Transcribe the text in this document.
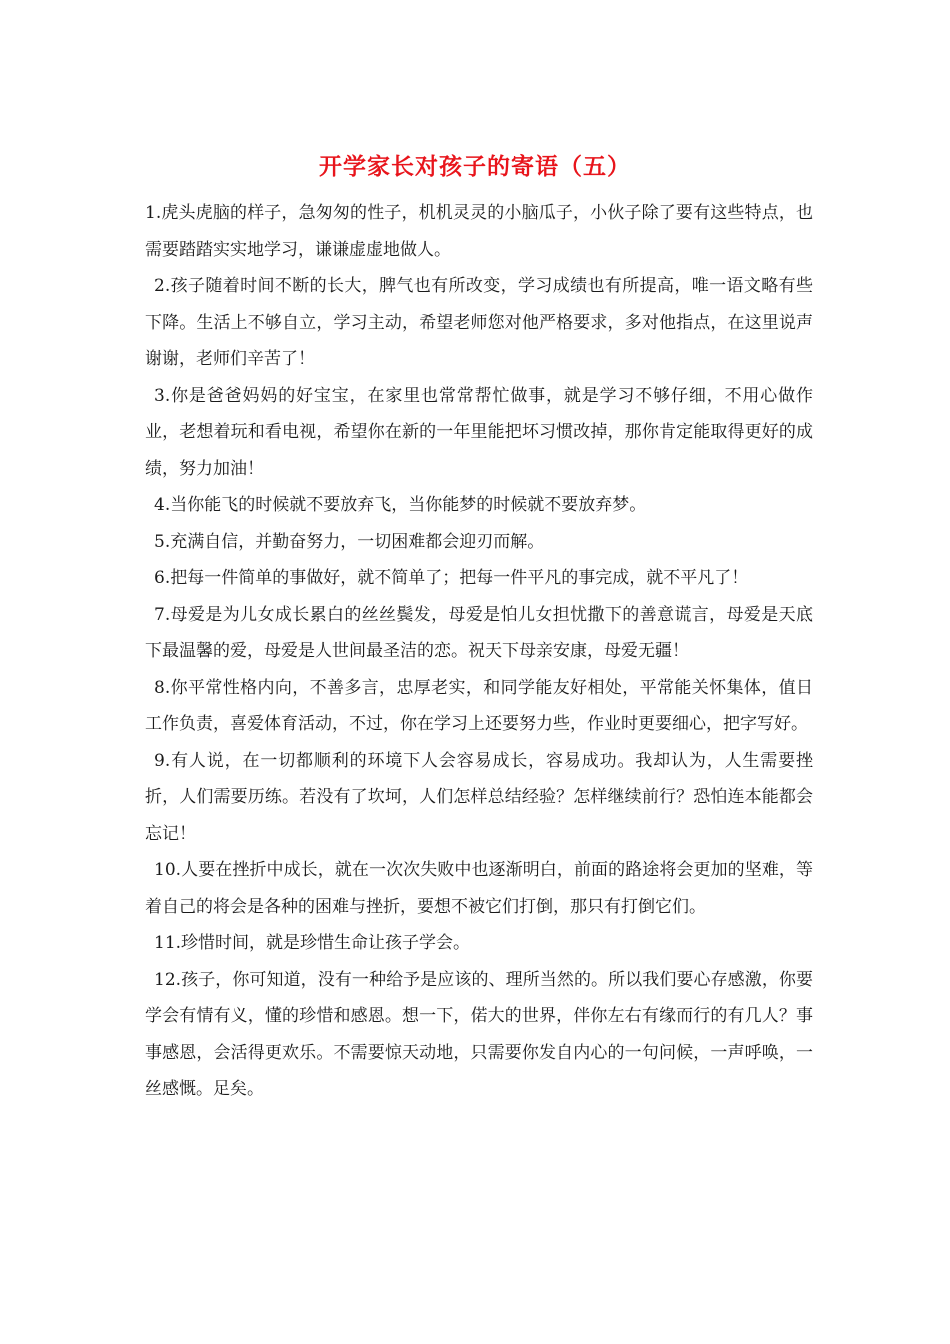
开学家长对孩子的寄语（五）

1.虎头虎脑的样子，急匆匆的性子，机机灵灵的小脑瓜子，小伙子除了要有这些特点，也需要踏踏实实地学习，谦谦虚虚地做人。

2.孩子随着时间不断的长大，脾气也有所改变，学习成绩也有所提高，唯一语文略有些下降。生活上不够自立，学习主动，希望老师您对他严格要求，多对他指点，在这里说声谢谢，老师们辛苦了！

3.你是爸爸妈妈的好宝宝，在家里也常常帮忙做事，就是学习不够仔细，不用心做作业，老想着玩和看电视，希望你在新的一年里能把坏习惯改掉，那你肯定能取得更好的成绩，努力加油！

4.当你能飞的时候就不要放弃飞，当你能梦的时候就不要放弃梦。

5.充满自信，并勤奋努力，一切困难都会迎刃而解。

6.把每一件简单的事做好，就不简单了；把每一件平凡的事完成，就不平凡了！

7.母爱是为儿女成长累白的丝丝鬓发，母爱是怕儿女担忧撒下的善意谎言，母爱是天底下最温馨的爱，母爱是人世间最圣洁的恋。祝天下母亲安康，母爱无疆！

8.你平常性格内向，不善多言，忠厚老实，和同学能友好相处，平常能关怀集体，值日工作负责，喜爱体育活动，不过，你在学习上还要努力些，作业时更要细心，把字写好。

9.有人说，在一切都顺利的环境下人会容易成长，容易成功。我却认为，人生需要挫折，人们需要历练。若没有了坎坷，人们怎样总结经验？怎样继续前行？恐怕连本能都会忘记！

10.人要在挫折中成长，就在一次次失败中也逐渐明白，前面的路途将会更加的坚难，等着自己的将会是各种的困难与挫折，要想不被它们打倒，那只有打倒它们。

11.珍惜时间，就是珍惜生命让孩子学会。

12.孩子，你可知道，没有一种给予是应该的、理所当然的。所以我们要心存感激，你要学会有情有义，懂的珍惜和感恩。想一下，偌大的世界，伴你左右有缘而行的有几人？事事感恩，会活得更欢乐。不需要惊天动地，只需要你发自内心的一句问候，一声呼唤，一丝感慨。足矣。
